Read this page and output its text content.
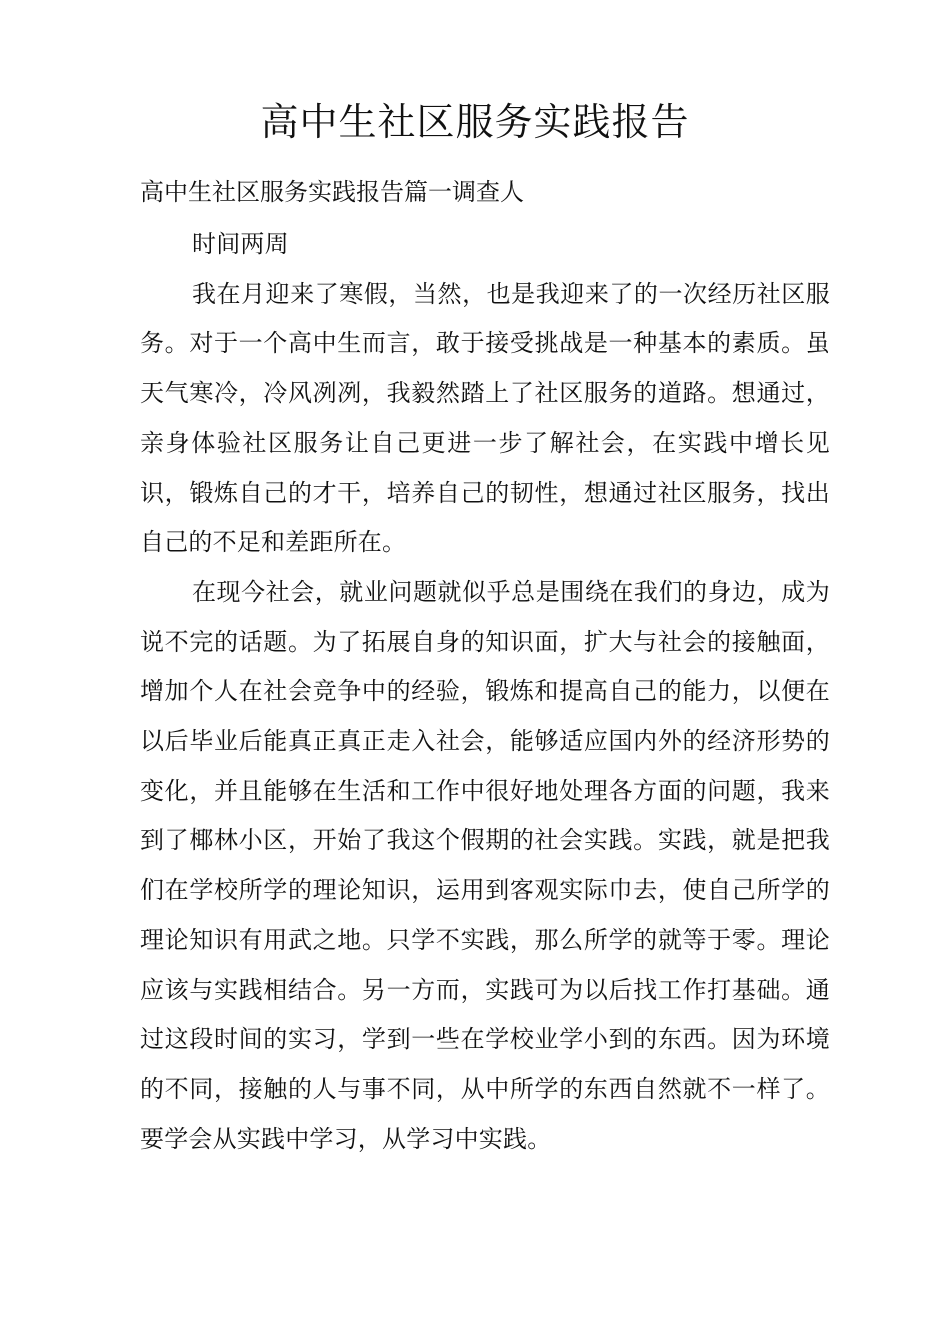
高中生社区服务实践报告

高中生社区服务实践报告篇一调查人

时间两周

我在月迎来了寒假，当然，也是我迎来了的一次经历社区服务。对于一个高中生而言，敢于接受挑战是一种基本的素质。虽天气寒冷，冷风冽冽，我毅然踏上了社区服务的道路。想通过，亲身体验社区服务让自己更进一步了解社会，在实践中增长见识，锻炼自己的才干，培养自己的韧性，想通过社区服务，找出自己的不足和差距所在。

在现今社会，就业问题就似乎总是围绕在我们的身边，成为说不完的话题。为了拓展自身的知识面，扩大与社会的接触面，增加个人在社会竞争中的经验，锻炼和提高自己的能力，以便在以后毕业后能真正真正走入社会，能够适应国内外的经济形势的变化，并且能够在生活和工作中很好地处理各方面的问题，我来到了椰林小区，开始了我这个假期的社会实践。实践，就是把我们在学校所学的理论知识，运用到客观实际巾去，使自己所学的理论知识有用武之地。只学不实践，那么所学的就等于零。理论应该与实践相结合。另一方而，实践可为以后找工作打基础。通过这段时间的实习，学到一些在学校业学小到的东西。因为环境的不同，接触的人与事不同，从中所学的东西自然就不一样了。要学会从实践中学习，从学习中实践。
